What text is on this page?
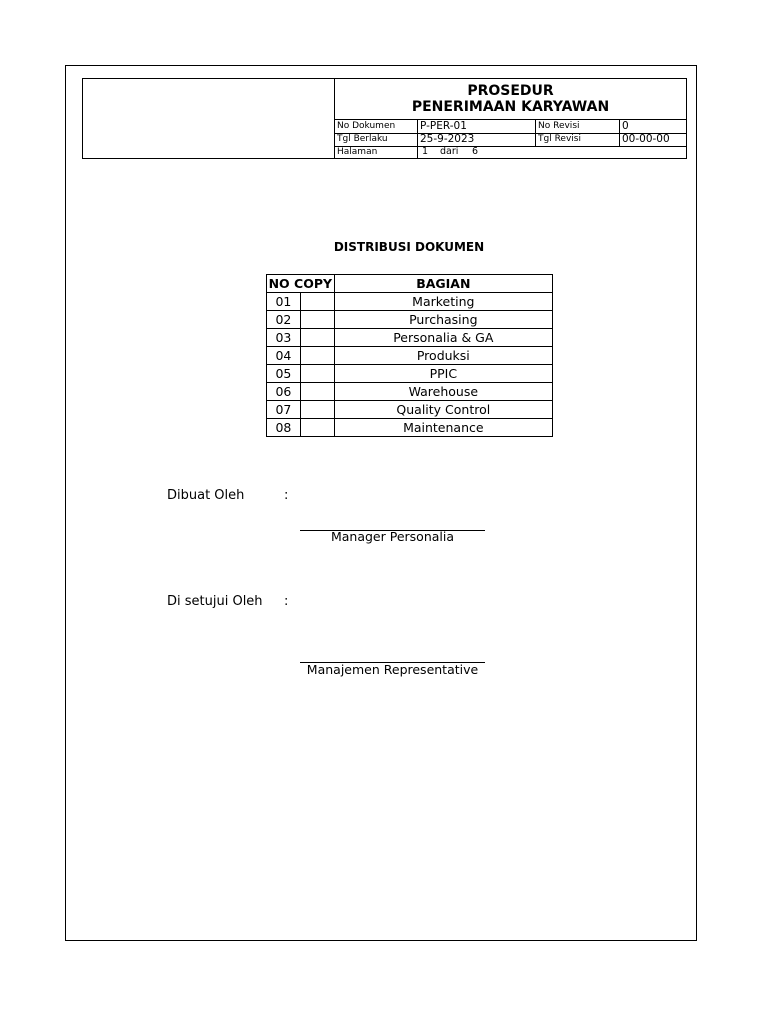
PROSEDUR
PENERIMAAN KARYAWAN
No Dokumen	P-PER-01	No Revisi	0
Tgl Berlaku	25-9-2023	Tgl Revisi	00-00-00
Halaman	1 dari 6
DISTRIBUSI DOKUMEN
NO COPY		BAGIAN
01		Marketing
02		Purchasing
03		Personalia & GA
04		Produksi
05		PPIC
06		Warehouse
07		Quality Control
08		Maintenance
Dibuat Oleh	:
Manager Personalia
Di setujui Oleh :
Manajemen Representative
